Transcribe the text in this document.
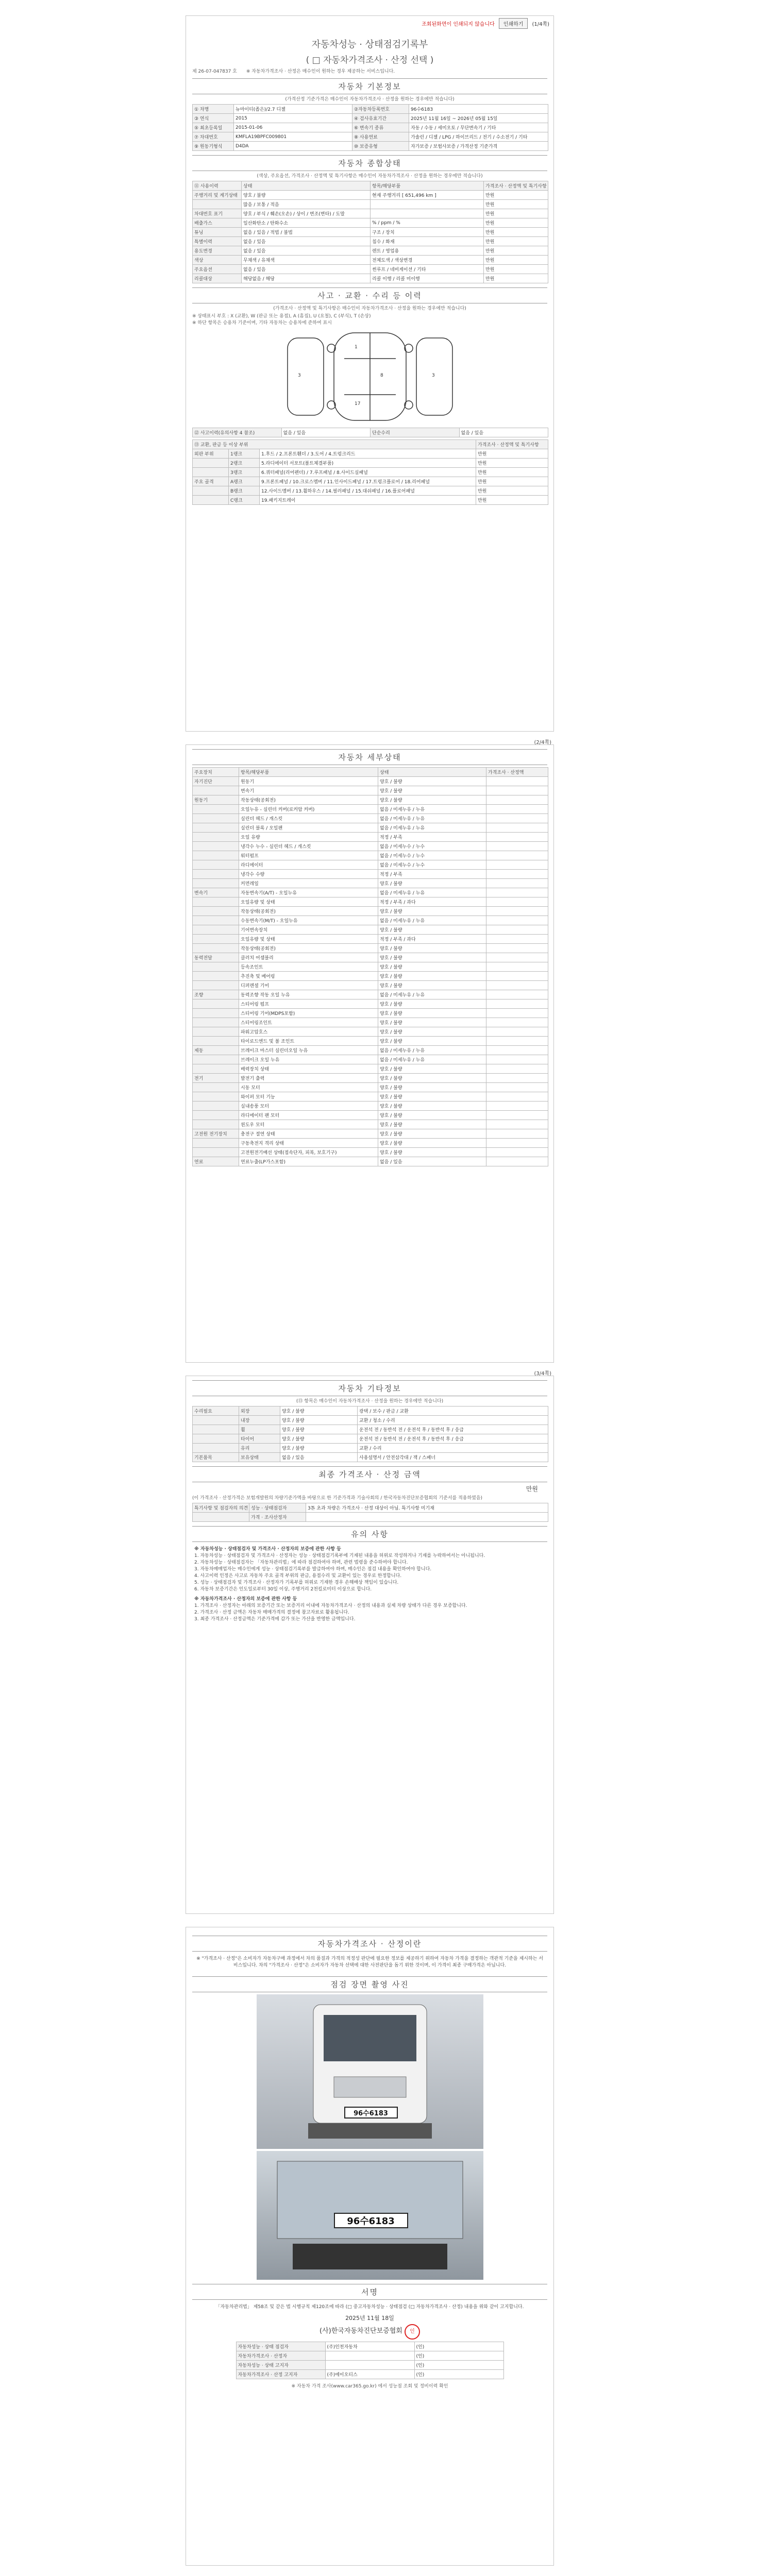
조회된화면이 인쇄되지 않습니다	인쇄하기	(1/4쪽)
자동차성능 · 상태점검기록부
( □ 자동차가격조사 · 산정 선택 )
제 26-07-047837 호 ※ 자동차가격조사 · 산정은 매수인이 원하는 경우 제공하는 서비스입니다.
자동차 기본정보
(가격산정 기준가격은 매수인이 자동차가격조사 · 산정을 원하는 경우에만 적습니다)
① 차명	뉴마이티(좁은)/2.7 디젤	②자동차등록번호	96수6183
③ 연식	2015	④ 검사유효기간	2025년 11월 16일 ~ 2026년 05월 15일
⑤ 최초등록일	2015-01-06	⑥ 변속기 종류	자동 / 수동 / 세미오토 / 무단변속기 / 기타
⑦ 차대번호	KMFLA19BPFC009801	⑧ 사용연료	가솔린 / 디젤 / LPG / 하이브리드 / 전기 / 수소전기 / 기타
⑨ 원동기형식	D4DA	⑩ 보증유형	자가보증 / 보험사보증 / 가격산정 기준가격
자동차 종합상태
(색상, 주요옵션, 가격조사 · 산정액 및 특기사항은 매수인이 자동차가격조사 · 산정을 원하는 경우에만 적습니다)
⑪ 사용이력	상태	항목/해당부품	가격조사 · 산정액 및 특기사항
주행거리 및 계기상태	양호 / 불량	현재 주행거리 [ 651,496 km ]	만원
	많음 / 보통 / 적음		만원
차대번호 표기	양호 / 부식 / 훼손(오손) / 상이 / 변조(변타) / 도말		만원
배출가스	일산화탄소 / 탄화수소	% / ppm / %	만원
튜닝	없음 / 있음 / 적법 / 불법	구조 / 장치	만원
특별이력	없음 / 있음	침수 / 화재	만원
용도변경	없음 / 있음	렌트 / 영업용	만원
색상	무채색 / 유채색	전체도색 / 색상변경	만원
주요옵션	없음 / 있음	썬루프 / 네비게이션 / 기타	만원
리콜대상	해당없음 / 해당	리콜 이행 / 리콜 미이행	만원
사고 · 교환 · 수리 등 이력
(가격조사 · 산정액 및 특기사항은 매수인이 자동차가격조사 · 산정을 원하는 경우에만 적습니다)
※ 상태표시 부호 : X (교환), W (판금 또는 용접), A (흠집), U (요철), C (부식), T (손상)
※ 하단 항목은 승용차 기준이며, 기타 자동차는 승용차에 준하여 표시
1
8
3	3
17
⑫ 사고이력(유의사항 4 참조)	없음 / 있음	단순수리	없음 / 있음
⑬ 교환, 판금 등 이상 부위			가격조사 · 산정액 및 특기사항
외판 부위	1랭크	1.후드 / 2.프론트휀더 / 3.도어 / 4.트렁크리드	만원
	2랭크	5.라디에이터 서포트(볼트체결부품)	만원
	3랭크	6.쿼터패널(리어펜더) / 7.루프패널 / 8.사이드실패널	만원
주요 골격	A랭크	9.프론트패널 / 10.크로스멤버 / 11.인사이드패널 / 17.트렁크플로어 / 18.리어패널	만원
	B랭크	12.사이드멤버 / 13.휠하우스 / 14.필러패널 / 15.대쉬패널 / 16.플로어패널	만원
	C랭크	19.패키지트레이	만원
(2/4쪽)
자동차 세부상태
주요장치	항목/해당부품	상태	가격조사 · 산정액
자기진단	원동기	양호 / 불량	
	변속기	양호 / 불량	
원동기	작동상태(공회전)	양호 / 불량	
	오일누유 - 실린더 커버(로커암 커버)	없음 / 미세누유 / 누유	
	실린더 헤드 / 개스킷	없음 / 미세누유 / 누유	
	실린더 블록 / 오일팬	없음 / 미세누유 / 누유	
	오일 유량	적정 / 부족	
	냉각수 누수 - 실린더 헤드 / 개스킷	없음 / 미세누수 / 누수	
	워터펌프	없음 / 미세누수 / 누수	
	라디에이터	없음 / 미세누수 / 누수	
	냉각수 수량	적정 / 부족	
	커먼레일	양호 / 불량	
변속기	자동변속기(A/T) - 오일누유	없음 / 미세누유 / 누유	
	오일유량 및 상태	적정 / 부족 / 과다	
	작동상태(공회전)	양호 / 불량	
	수동변속기(M/T) - 오일누유	없음 / 미세누유 / 누유	
	기어변속장치	양호 / 불량	
	오일유량 및 상태	적정 / 부족 / 과다	
	작동상태(공회전)	양호 / 불량	
동력전달	클러치 어셈블리	양호 / 불량	
	등속조인트	양호 / 불량	
	추진축 및 베어링	양호 / 불량	
	디퍼렌셜 기어	양호 / 불량	
조향	동력조향 작동 오일 누유	없음 / 미세누유 / 누유	
	스티어링 펌프	양호 / 불량	
	스티어링 기어(MDPS포함)	양호 / 불량	
	스티어링조인트	양호 / 불량	
	파워고압호스	양호 / 불량	
	타이로드엔드 및 볼 조인트	양호 / 불량	
제동	브레이크 마스터 실린더오일 누유	없음 / 미세누유 / 누유	
	브레이크 오일 누유	없음 / 미세누유 / 누유	
	배력장치 상태	양호 / 불량	
전기	발전기 출력	양호 / 불량	
	시동 모터	양호 / 불량	
	와이퍼 모터 기능	양호 / 불량	
	실내송풍 모터	양호 / 불량	
	라디에이터 팬 모터	양호 / 불량	
	윈도우 모터	양호 / 불량	
고전원 전기장치	충전구 절연 상태	양호 / 불량	
	구동축전지 격리 상태	양호 / 불량	
	고전원전기배선 상태(접속단자, 피복, 보호기구)	양호 / 불량	
연료	연료누출(LP가스포함)	없음 / 있음	
(3/4쪽)
자동차 기타정보
(⑬ 항목은 매수인이 자동차가격조사 · 산정을 원하는 경우에만 적습니다)
수리필요	외장	양호 / 불량	광택 / 보수 / 판금 / 교환
	내장	양호 / 불량	교환 / 청소 / 수리
	휠	양호 / 불량	운전석 전 / 동반석 전 / 운전석 후 / 동반석 후 / 응급
	타이어	양호 / 불량	운전석 전 / 동반석 전 / 운전석 후 / 동반석 후 / 응급
	유리	양호 / 불량	교환 / 수리
기본품목	보유상태	없음 / 있음	사용설명서 / 안전삼각대 / 잭 / 스패너
최종 가격조사 · 산정 금액
만원
(이 가격조사 · 산정가격은 보험개발원의 차량기준가액을 바탕으로 한 기준가격과 기술사회의 / 한국자동차진단보증협회의 기준서를 적용하였음)
특기사항 및 점검자의 의견	성능 · 상태점검자	3톤 초과 차량은 가격조사 · 산정 대상이 아님. 특기사항 미기재
	가격 · 조사산정자	
유의 사항
※ 자동차성능 · 상태점검자 및 가격조사 · 산정자의 보증에 관한 사항 등
1. 자동차성능 · 상태점검자 및 가격조사 · 산정자는 성능 · 상태점검기록부에 기재된 내용을 허위로 작성하거나 기재를 누락하여서는 아니됩니다.
2. 자동차성능 · 상태점검자는 「자동차관리법」에 따라 점검하여야 하며, 관련 법령을 준수하여야 합니다.
3. 자동차매매업자는 매수인에게 성능 · 상태점검기록부를 발급하여야 하며, 매수인은 점검 내용을 확인하여야 합니다.
4. 사고이력 인정은 사고로 자동차 주요 골격 부위의 판금, 용접수리 및 교환이 있는 경우로 한정합니다.
5. 성능 · 상태점검자 및 가격조사 · 산정자가 기록부를 허위로 기재한 경우 손해배상 책임이 있습니다.
6. 자동차 보증기간은 인도일로부터 30일 이상, 주행거리 2천킬로미터 이상으로 합니다.
※ 자동차가격조사 · 산정자의 보증에 관한 사항 등
1. 가격조사 · 산정자는 아래의 보증기간 또는 보증거리 이내에 자동차가격조사 · 산정의 내용과 실제 차량 상태가 다른 경우 보증합니다.
2. 가격조사 · 산정 금액은 자동차 매매가격의 결정에 참고자료로 활용됩니다.
3. 최종 가격조사 · 산정금액은 기준가격에 감가 또는 가산을 반영한 금액입니다.
자동차가격조사 · 산정이란
※ "가격조사 · 산정"은 소비자가 자동차구매 과정에서 차의 품질과 가격의 적정성 판단에 필요한 정보를 제공하기 위하여 자동차 가격을 결정하는 객관적 기준을 제시하는 서비스입니다. 차의 "가격조사 · 산정"은 소비자가 자동차 선택에 대한 사전판단을 돕기 위한 것이며, 이 가격이 최종 구매가격은 아닙니다.
점검 장면 촬영 사진
96수6183
96수6183
서명
「자동차관리법」 제58조 및 같은 법 시행규칙 제120조에 따라 (□ 중고자동차성능 · 상태점검 (□ 자동차가격조사 · 산정) 내용을 위와 같이 고지합니다.
2025년 11월 18일
(사)한국자동차진단보증협회 인
자동차성능 · 상태 점검자	(주)인천자동차	(인)
자동차가격조사 · 산정자		(인)
자동차성능 · 상태 고지자		(인)
자동차가격조사 · 산정 고지자	(주)에이오티스	(인)
※ 자동차 가격 조사(www.car365.go.kr) 에서 성능점 조회 및 정비이력 확인
